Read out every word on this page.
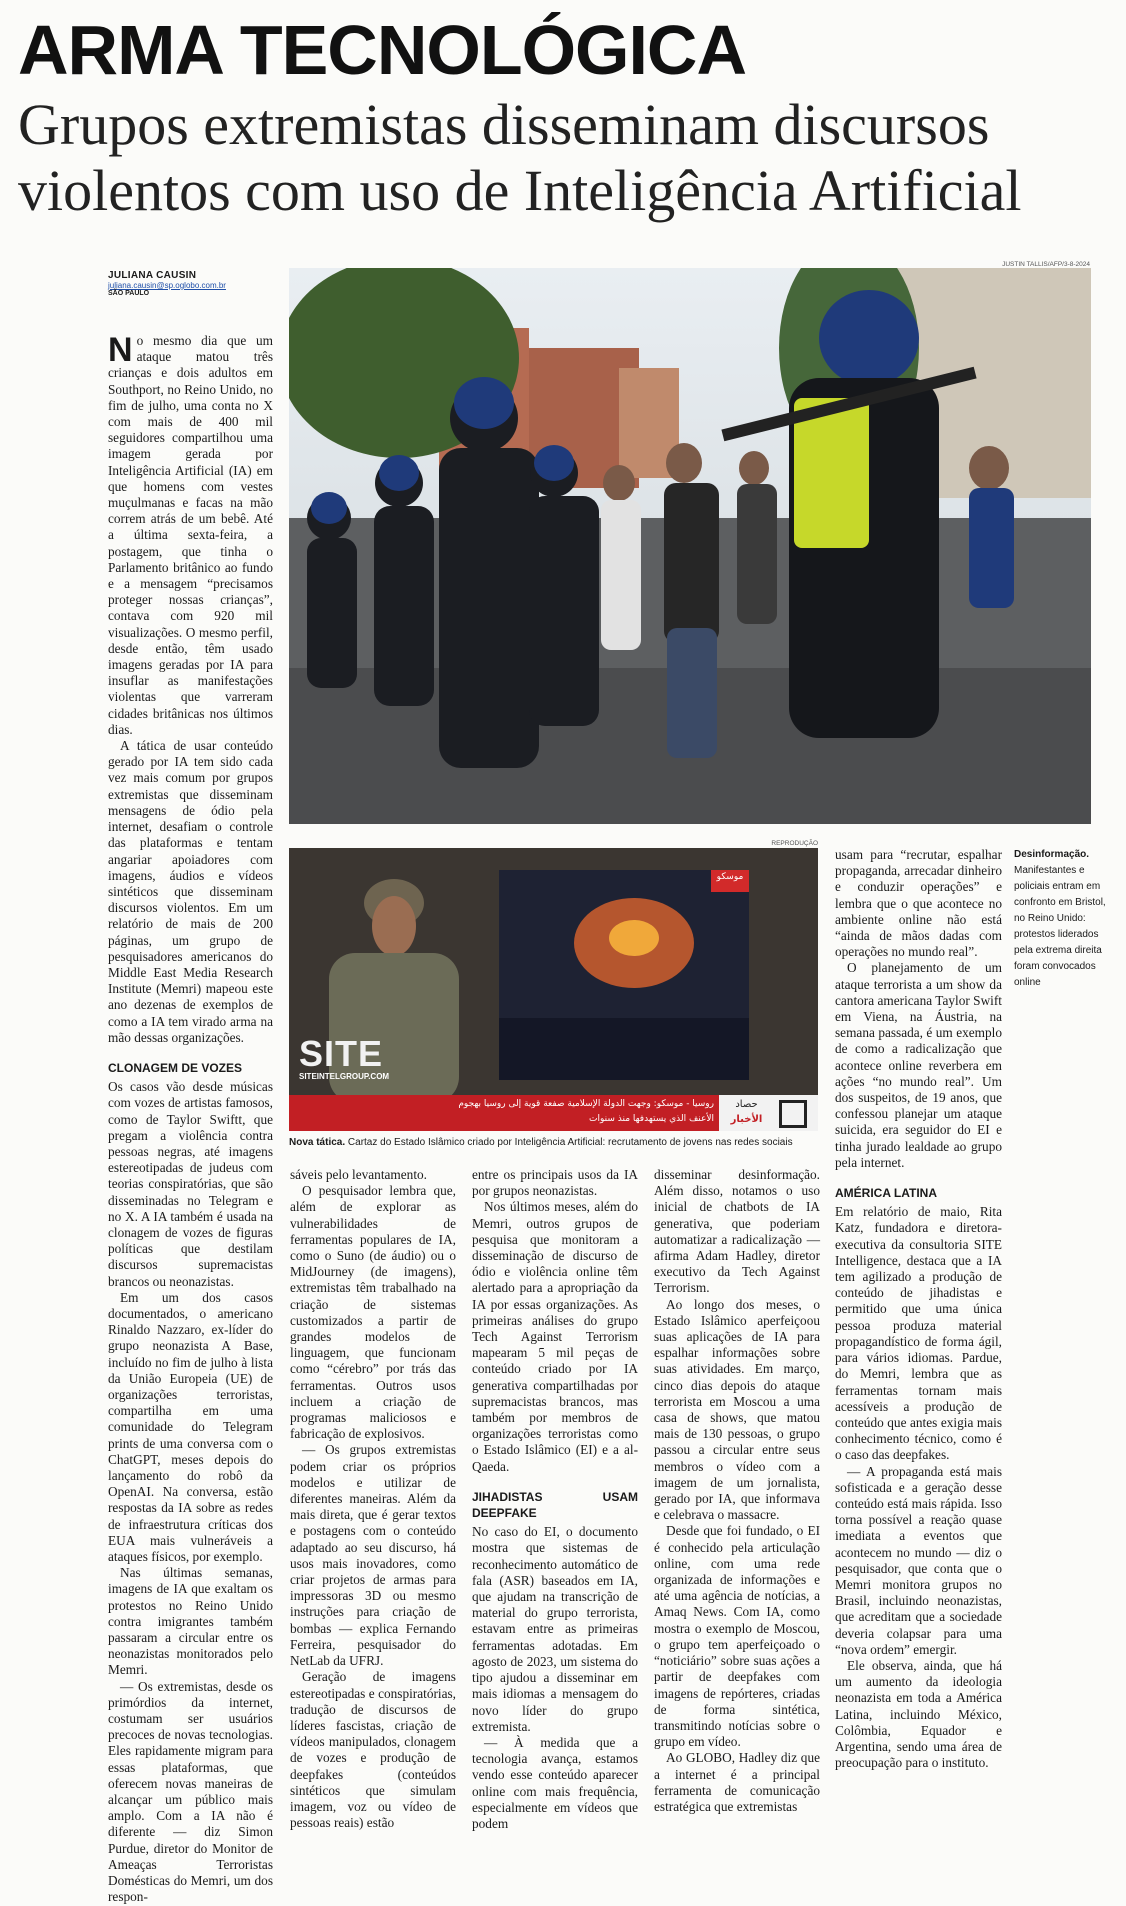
ARMA TECNOLÓGICA
Grupos extremistas disseminam discursos violentos com uso de Inteligência Artificial

JULIANA CAUSIN
juliana.causin@sp.oglobo.com.br
SÃO PAULO
JUSTIN TALLIS/AFP/3-8-2024
REPRODUÇÃO
SITE
SITEINTELGROUP.COM
موسكو
روسيا - موسكو: وجهت الدولة الإسلامية صفعة قوية إلى روسيا بهجوم
الأعنف الذي يستهدفها منذ سنوات
حصاد
الأخبار
Nova tática. Cartaz do Estado Islâmico criado por Inteligência Artificial: recrutamento de jovens nas redes sociais
Desinformação.
Manifestantes e policiais entram em confronto em Bristol, no Reino Unido: protestos liderados pela extrema direita foram convocados online

No mesmo dia que um ataque matou três crianças e dois adultos em Southport, no Reino Unido, no fim de julho, uma conta no X com mais de 400 mil seguidores compartilhou uma imagem gerada por Inteligência Artificial (IA) em que homens com vestes muçulmanas e facas na mão correm atrás de um bebê. Até a última sexta-feira, a postagem, que tinha o Parlamento britânico ao fundo e a mensagem “precisamos proteger nossas crianças”, contava com 920 mil visualizações. O mesmo perfil, desde então, têm usado imagens geradas por IA para insuflar as manifestações violentas que varreram cidades britânicas nos últimos dias.

A tática de usar conteúdo gerado por IA tem sido cada vez mais comum por grupos extremistas que disseminam mensagens de ódio pela internet, desafiam o controle das plataformas e tentam angariar apoiadores com imagens, áudios e vídeos sintéticos que disseminam discursos violentos. Em um relatório de mais de 200 páginas, um grupo de pesquisadores americanos do Middle East Media Research Institute (Memri) mapeou este ano dezenas de exemplos de como a IA tem virado arma na mão dessas organizações.

CLONAGEM DE VOZES

Os casos vão desde músicas com vozes de artistas famosos, como de Taylor Swiftt, que pregam a violência contra pessoas negras, até imagens estereotipadas de judeus com teorias conspiratórias, que são disseminadas no Telegram e no X. A IA também é usada na clonagem de vozes de figuras políticas que destilam discursos supremacistas brancos ou neonazistas.

Em um dos casos documentados, o americano Rinaldo Nazzaro, ex-líder do grupo neonazista A Base, incluído no fim de julho à lista da União Europeia (UE) de organizações terroristas, compartilha em uma comunidade do Telegram prints de uma conversa com o ChatGPT, meses depois do lançamento do robô da OpenAI. Na conversa, estão respostas da IA sobre as redes de infraestrutura críticas dos EUA mais vulneráveis a ataques físicos, por exemplo.

Nas últimas semanas, imagens de IA que exaltam os protestos no Reino Unido contra imigrantes também passaram a circular entre os neonazistas monitorados pelo Memri.

— Os extremistas, desde os primórdios da internet, costumam ser usuários precoces de novas tecnologias. Eles rapidamente migram para essas plataformas, que oferecem novas maneiras de alcançar um público mais amplo. Com a IA não é diferente — diz Simon Purdue, diretor do Monitor de Ameaças Terroristas Domésticas do Memri, um dos respon-

sáveis pelo levantamento.

O pesquisador lembra que, além de explorar as vulnerabilidades de ferramentas populares de IA, como o Suno (de áudio) ou o MidJourney (de imagens), extremistas têm trabalhado na criação de sistemas customizados a partir de grandes modelos de linguagem, que funcionam como “cérebro” por trás das ferramentas. Outros usos incluem a criação de programas maliciosos e fabricação de explosivos.

— Os grupos extremistas podem criar os próprios modelos e utilizar de diferentes maneiras. Além da mais direta, que é gerar textos e postagens com o conteúdo adaptado ao seu discurso, há usos mais inovadores, como criar projetos de armas para impressoras 3D ou mesmo instruções para criação de bombas — explica Fernando Ferreira, pesquisador do NetLab da UFRJ.

Geração de imagens estereotipadas e conspiratórias, tradução de discursos de líderes fascistas, criação de vídeos manipulados, clonagem de vozes e produção de deepfakes (conteúdos sintéticos que simulam imagem, voz ou vídeo de pessoas reais) estão

entre os principais usos da IA por grupos neonazistas.

Nos últimos meses, além do Memri, outros grupos de pesquisa que monitoram a disseminação de discurso de ódio e violência online têm alertado para a apropriação da IA por essas organizações. As primeiras análises do grupo Tech Against Terrorism mapearam 5 mil peças de conteúdo criado por IA generativa compartilhadas por supremacistas brancos, mas também por membros de organizações terroristas como o Estado Islâmico (EI) e a al-Qaeda.

JIHADISTAS USAM DEEPFAKE

No caso do EI, o documento mostra que sistemas de reconhecimento automático de fala (ASR) baseados em IA, que ajudam na transcrição de material do grupo terrorista, estavam entre as primeiras ferramentas adotadas. Em agosto de 2023, um sistema do tipo ajudou a disseminar em mais idiomas a mensagem do novo líder do grupo extremista.

— À medida que a tecnologia avança, estamos vendo esse conteúdo aparecer online com mais frequência, especialmente em vídeos que podem

disseminar desinformação. Além disso, notamos o uso inicial de chatbots de IA generativa, que poderiam automatizar a radicalização — afirma Adam Hadley, diretor executivo da Tech Against Terrorism.

Ao longo dos meses, o Estado Islâmico aperfeiçoou suas aplicações de IA para espalhar informações sobre suas atividades. Em março, cinco dias depois do ataque terrorista em Moscou a uma casa de shows, que matou mais de 130 pessoas, o grupo passou a circular entre seus membros o vídeo com a imagem de um jornalista, gerado por IA, que informava e celebrava o massacre.

Desde que foi fundado, o EI é conhecido pela articulação online, com uma rede organizada de informações e até uma agência de notícias, a Amaq News. Com IA, como mostra o exemplo de Moscou, o grupo tem aperfeiçoado o “noticiário” sobre suas ações a partir de deepfakes com imagens de repórteres, criadas de forma sintética, transmitindo notícias sobre o grupo em vídeo.

Ao GLOBO, Hadley diz que a internet é a principal ferramenta de comunicação estratégica que extremistas

usam para “recrutar, espalhar propaganda, arrecadar dinheiro e conduzir operações” e lembra que o que acontece no ambiente online não está “ainda de mãos dadas com operações no mundo real”.

O planejamento de um ataque terrorista a um show da cantora americana Taylor Swift em Viena, na Áustria, na semana passada, é um exemplo de como a radicalização que acontece online reverbera em ações “no mundo real”. Um dos suspeitos, de 19 anos, que confessou planejar um ataque suicida, era seguidor do EI e tinha jurado lealdade ao grupo pela internet.

AMÉRICA LATINA

Em relatório de maio, Rita Katz, fundadora e diretora-executiva da consultoria SITE Intelligence, destaca que a IA tem agilizado a produção de conteúdo de jihadistas e permitido que uma única pessoa produza material propagandístico de forma ágil, para vários idiomas. Pardue, do Memri, lembra que as ferramentas tornam mais acessíveis a produção de conteúdo que antes exigia mais conhecimento técnico, como é o caso das deepfakes.

— A propaganda está mais sofisticada e a geração desse conteúdo está mais rápida. Isso torna possível a reação quase imediata a eventos que acontecem no mundo — diz o pesquisador, que conta que o Memri monitora grupos no Brasil, incluindo neonazistas, que acreditam que a sociedade deveria colapsar para uma “nova ordem” emergir.

Ele observa, ainda, que há um aumento da ideologia neonazista em toda a América Latina, incluindo México, Colômbia, Equador e Argentina, sendo uma área de preocupação para o instituto.
